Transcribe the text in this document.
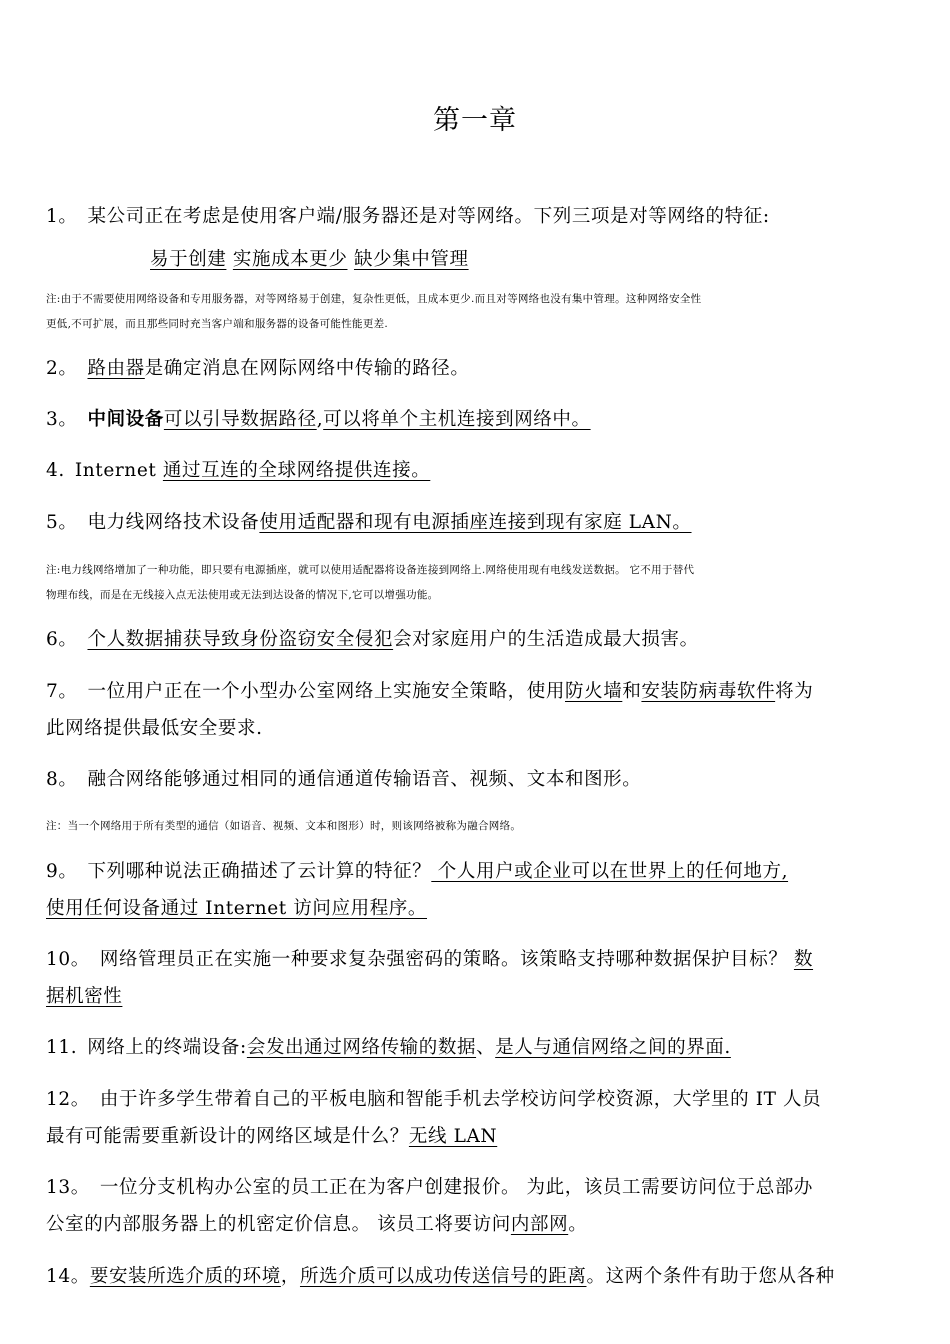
第一章
1。 某公司正在考虑是使用客户端/服务器还是对等网络。下列三项是对等网络的特征:
易于创建 实施成本更少 缺少集中管理
注:由于不需要使用网络设备和专用服务器，对等网络易于创建，复杂性更低，且成本更少.而且对等网络也没有集中管理。这种网络安全性
更低,不可扩展，而且那些同时充当客户端和服务器的设备可能性能更差.
2。 路由器是确定消息在网际网络中传输的路径。
3。 中间设备可以引导数据路径,可以将单个主机连接到网络中。
4. Internet 通过互连的全球网络提供连接。
5。 电力线网络技术设备使用适配器和现有电源插座连接到现有家庭 LAN。
注:电力线网络增加了一种功能，即只要有电源插座，就可以使用适配器将设备连接到网络上.网络使用现有电线发送数据。 它不用于替代
物理布线，而是在无线接入点无法使用或无法到达设备的情况下,它可以增强功能。
6。 个人数据捕获导致身份盗窃安全侵犯会对家庭用户的生活造成最大损害。
7。 一位用户正在一个小型办公室网络上实施安全策略，使用防火墙和安装防病毒软件将为
此网络提供最低安全要求.
8。 融合网络能够通过相同的通信通道传输语音、视频、文本和图形。
注：当一个网络用于所有类型的通信（如语音、视频、文本和图形）时，则该网络被称为融合网络。
9。 下列哪种说法正确描述了云计算的特征？ 个人用户或企业可以在世界上的任何地方,
使用任何设备通过 Internet 访问应用程序。
10。 网络管理员正在实施一种要求复杂强密码的策略。该策略支持哪种数据保护目标？ 数
据机密性
11. 网络上的终端设备:会发出通过网络传输的数据、是人与通信网络之间的界面.
12。 由于许多学生带着自己的平板电脑和智能手机去学校访问学校资源，大学里的 IT 人员
最有可能需要重新设计的网络区域是什么？无线 LAN
13。 一位分支机构办公室的员工正在为客户创建报价。 为此，该员工需要访问位于总部办
公室的内部服务器上的机密定价信息。 该员工将要访问内部网。
14。要安装所选介质的环境，所选介质可以成功传送信号的距离。这两个条件有助于您从各种
